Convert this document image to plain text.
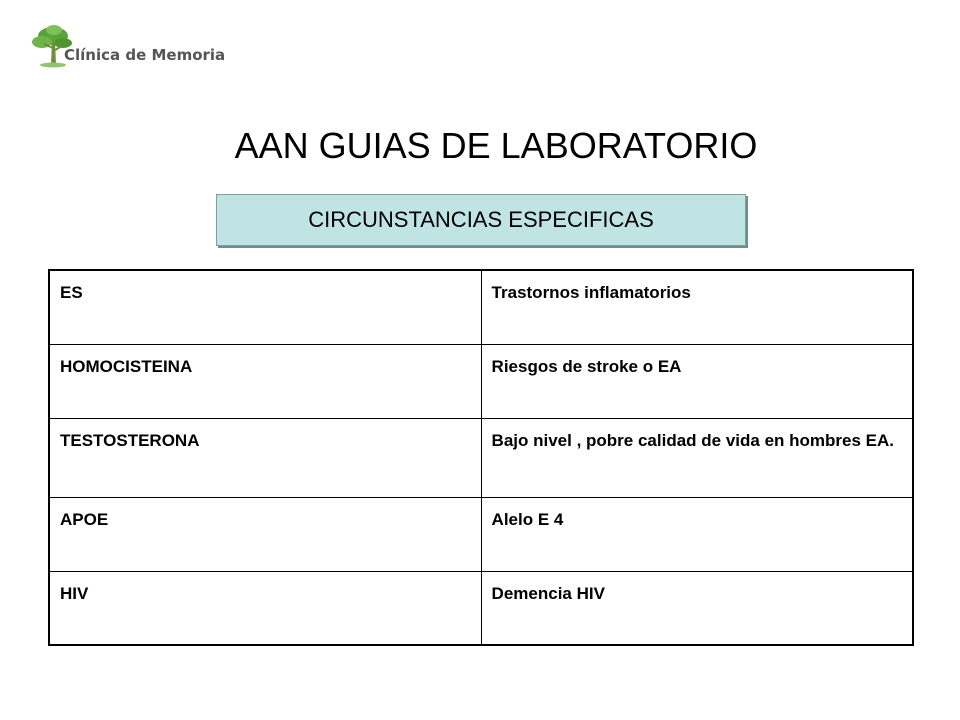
Clínica de Memoria
AAN GUIAS DE LABORATORIO
CIRCUNSTANCIAS ESPECIFICAS
ES	Trastornos inflamatorios
HOMOCISTEINA	Riesgos de stroke o EA
TESTOSTERONA	Bajo nivel , pobre calidad de vida en hombres EA.
APOE	Alelo E 4
HIV	Demencia HIV
